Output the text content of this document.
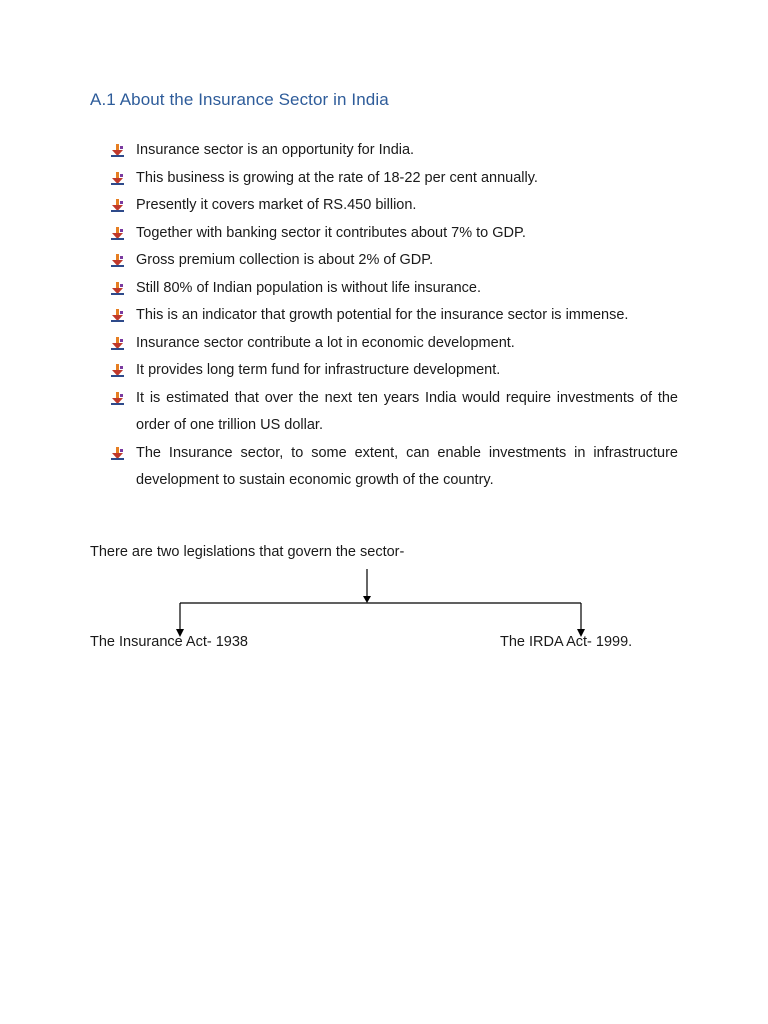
A.1 About the Insurance Sector in India
Insurance sector is an opportunity for India.
This business is growing at the rate of 18-22 per cent annually.
Presently it covers market of RS.450 billion.
Together with banking sector it contributes about 7% to GDP.
Gross premium collection is about 2% of GDP.
Still 80% of Indian population is without life insurance.
This is an indicator that growth potential for the insurance sector is immense.
Insurance sector contribute a lot in economic development.
It provides long term fund for infrastructure development.
It is estimated that over the next ten years India would require investments of the order of one trillion US dollar.
The Insurance sector, to some extent, can enable investments in infrastructure development to sustain economic growth of the country.

There are two legislations that govern the sector-

The Insurance Act- 1938	The IRDA Act- 1999.
